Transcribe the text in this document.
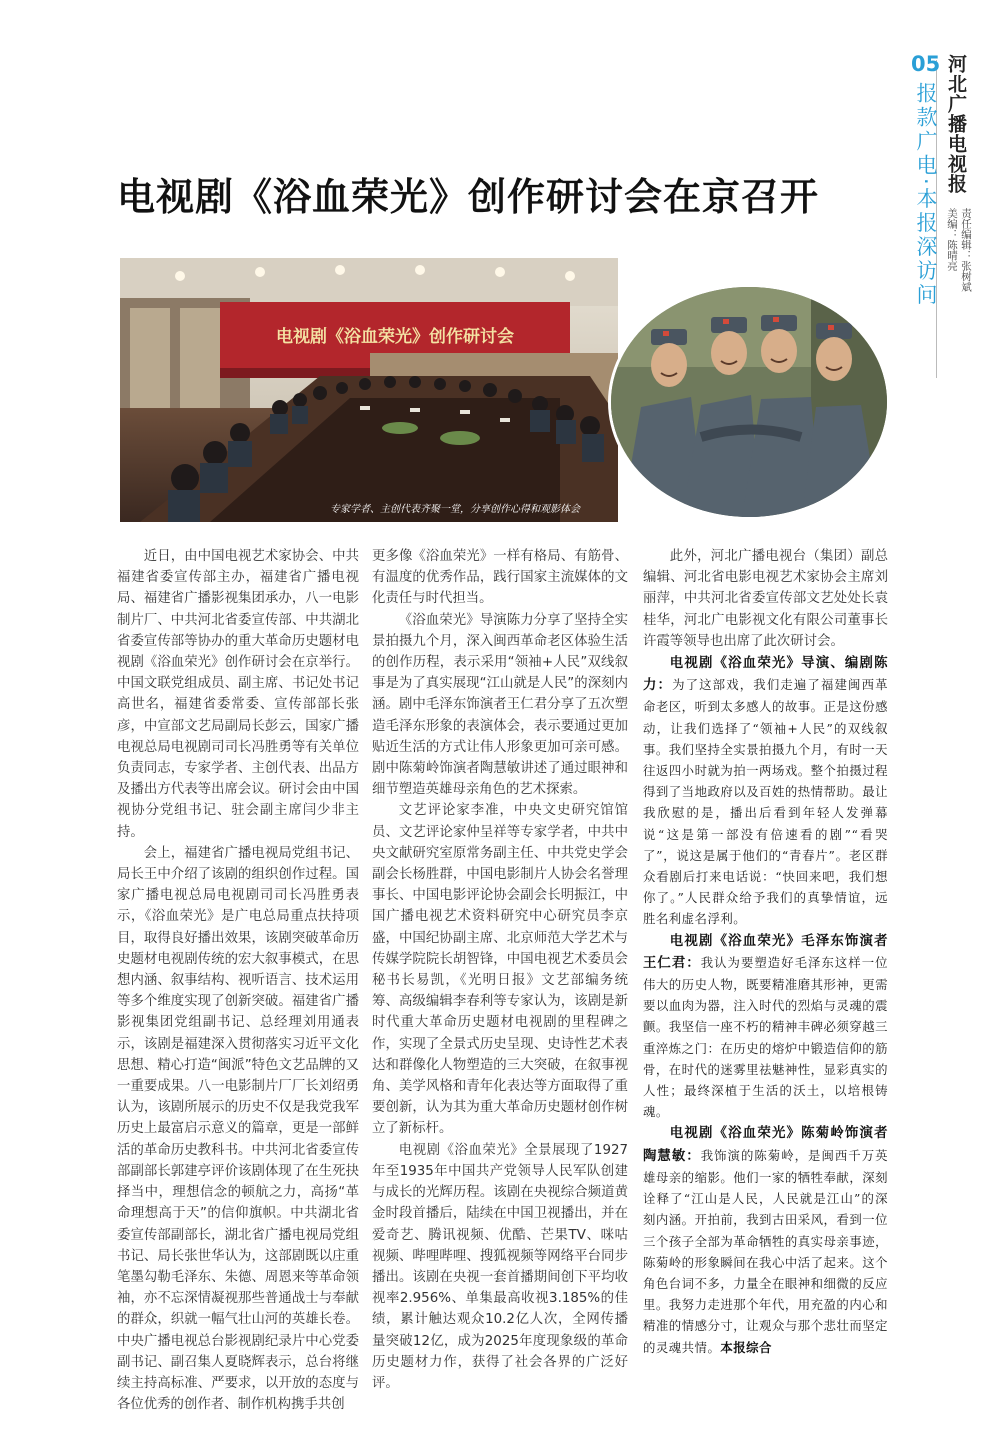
05 河北广播电视报
报款广电·本报深访问	责任编辑：张树斌
美编：陈晴亮
电视剧《浴血荣光》创作研讨会在京召开
电视剧《浴血荣光》创作研讨会
专家学者、主创代表齐聚一堂，分享创作心得和观影体会

近日，由中国电视艺术家协会、中共福建省委宣传部主办，福建省广播电视局、福建省广播影视集团承办，八一电影制片厂、中共河北省委宣传部、中共湖北省委宣传部等协办的重大革命历史题材电视剧《浴血荣光》创作研讨会在京举行。中国文联党组成员、副主席、书记处书记高世名，福建省委常委、宣传部部长张彦，中宣部文艺局副局长彭云，国家广播电视总局电视剧司司长冯胜勇等有关单位负责同志，专家学者、主创代表、出品方及播出方代表等出席会议。研讨会由中国视协分党组书记、驻会副主席闫少非主持。

会上，福建省广播电视局党组书记、局长王中介绍了该剧的组织创作过程。国家广播电视总局电视剧司司长冯胜勇表示，《浴血荣光》是广电总局重点扶持项目，取得良好播出效果，该剧突破革命历史题材电视剧传统的宏大叙事模式，在思想内涵、叙事结构、视听语言、技术运用等多个维度实现了创新突破。福建省广播影视集团党组副书记、总经理刘用通表示，该剧是福建深入贯彻落实习近平文化思想、精心打造“闽派”特色文艺品牌的又一重要成果。八一电影制片厂厂长刘绍勇认为，该剧所展示的历史不仅是我党我军历史上最富启示意义的篇章，更是一部鲜活的革命历史教科书。中共河北省委宣传部副部长郭建亭评价该剧体现了在生死抉择当中，理想信念的顿航之力，高扬“革命理想高于天”的信仰旗帜。中共湖北省委宣传部副部长，湖北省广播电视局党组书记、局长张世华认为，这部剧既以庄重笔墨勾勒毛泽东、朱德、周恩来等革命领袖，亦不忘深情凝视那些普通战士与奉献的群众，织就一幅气壮山河的英雄长卷。中央广播电视总台影视剧纪录片中心党委副书记、副召集人夏晓辉表示，总台将继续主持高标准、严要求，以开放的态度与各位优秀的创作者、制作机构携手共创

更多像《浴血荣光》一样有格局、有筋骨、有温度的优秀作品，践行国家主流媒体的文化责任与时代担当。

《浴血荣光》导演陈力分享了坚持全实景拍摄九个月，深入闽西革命老区体验生活的创作历程，表示采用“领袖+人民”双线叙事是为了真实展现“江山就是人民”的深刻内涵。剧中毛泽东饰演者王仁君分享了五次塑造毛泽东形象的表演体会，表示要通过更加贴近生活的方式让伟人形象更加可亲可感。剧中陈菊岭饰演者陶慧敏讲述了通过眼神和细节塑造英雄母亲角色的艺术探索。

文艺评论家李准，中央文史研究馆馆员、文艺评论家仲呈祥等专家学者，中共中央文献研究室原常务副主任、中共党史学会副会长杨胜群，中国电影制片人协会名誉理事长、中国电影评论协会副会长明振江，中国广播电视艺术资料研究中心研究员李京盛，中国纪协副主席、北京师范大学艺术与传媒学院院长胡智锋，中国电视艺术委员会秘书长易凯，《光明日报》文艺部编务统筹、高级编辑李春利等专家认为，该剧是新时代重大革命历史题材电视剧的里程碑之作，实现了全景式历史呈现、史诗性艺术表达和群像化人物塑造的三大突破，在叙事视角、美学风格和青年化表达等方面取得了重要创新，认为其为重大革命历史题材创作树立了新标杆。

电视剧《浴血荣光》全景展现了1927年至1935年中国共产党领导人民军队创建与成长的光辉历程。该剧在央视综合频道黄金时段首播后，陆续在中国卫视播出，并在爱奇艺、腾讯视频、优酷、芒果TV、咪咕视频、哔哩哔哩、搜狐视频等网络平台同步播出。该剧在央视一套首播期间创下平均收视率2.956%、单集最高收视3.185%的佳绩，累计触达观众10.2亿人次，全网传播量突破12亿，成为2025年度现象级的革命历史题材力作，获得了社会各界的广泛好评。

此外，河北广播电视台（集团）副总编辑、河北省电影电视艺术家协会主席刘丽萍，中共河北省委宣传部文艺处处长袁桂华，河北广电影视文化有限公司董事长许霞等领导也出席了此次研讨会。

电视剧《浴血荣光》导演、编剧陈力：为了这部戏，我们走遍了福建闽西革命老区，听到太多感人的故事。正是这份感动，让我们选择了“领袖+人民”的双线叙事。我们坚持全实景拍摄九个月，有时一天往返四小时就为拍一两场戏。整个拍摄过程得到了当地政府以及百姓的热情帮助。最让我欣慰的是，播出后看到年轻人发弹幕说“这是第一部没有倍速看的剧”“看哭了”，说这是属于他们的“青春片”。老区群众看剧后打来电话说：“快回来吧，我们想你了。”人民群众给予我们的真挚情谊，远胜名利虚名浮利。

电视剧《浴血荣光》毛泽东饰演者王仁君：我认为要塑造好毛泽东这样一位伟大的历史人物，既要精准磨其形神，更需要以血肉为器，注入时代的烈焰与灵魂的震颤。我坚信一座不朽的精神丰碑必须穿越三重淬炼之门：在历史的熔炉中锻造信仰的筋骨，在时代的迷雾里祛魅神性，显彩真实的人性；最终深植于生活的沃土，以培根铸魂。

电视剧《浴血荣光》陈菊岭饰演者陶慧敏：我饰演的陈菊岭，是闽西千万英雄母亲的缩影。他们一家的牺牲奉献，深刻诠释了“江山是人民，人民就是江山”的深刻内涵。开拍前，我到古田采风，看到一位三个孩子全部为革命牺牲的真实母亲事迹，陈菊岭的形象瞬间在我心中活了起来。这个角色台词不多，力量全在眼神和细微的反应里。我努力走进那个年代，用充盈的内心和精准的情感分寸，让观众与那个悲壮而坚定的灵魂共情。本报综合
